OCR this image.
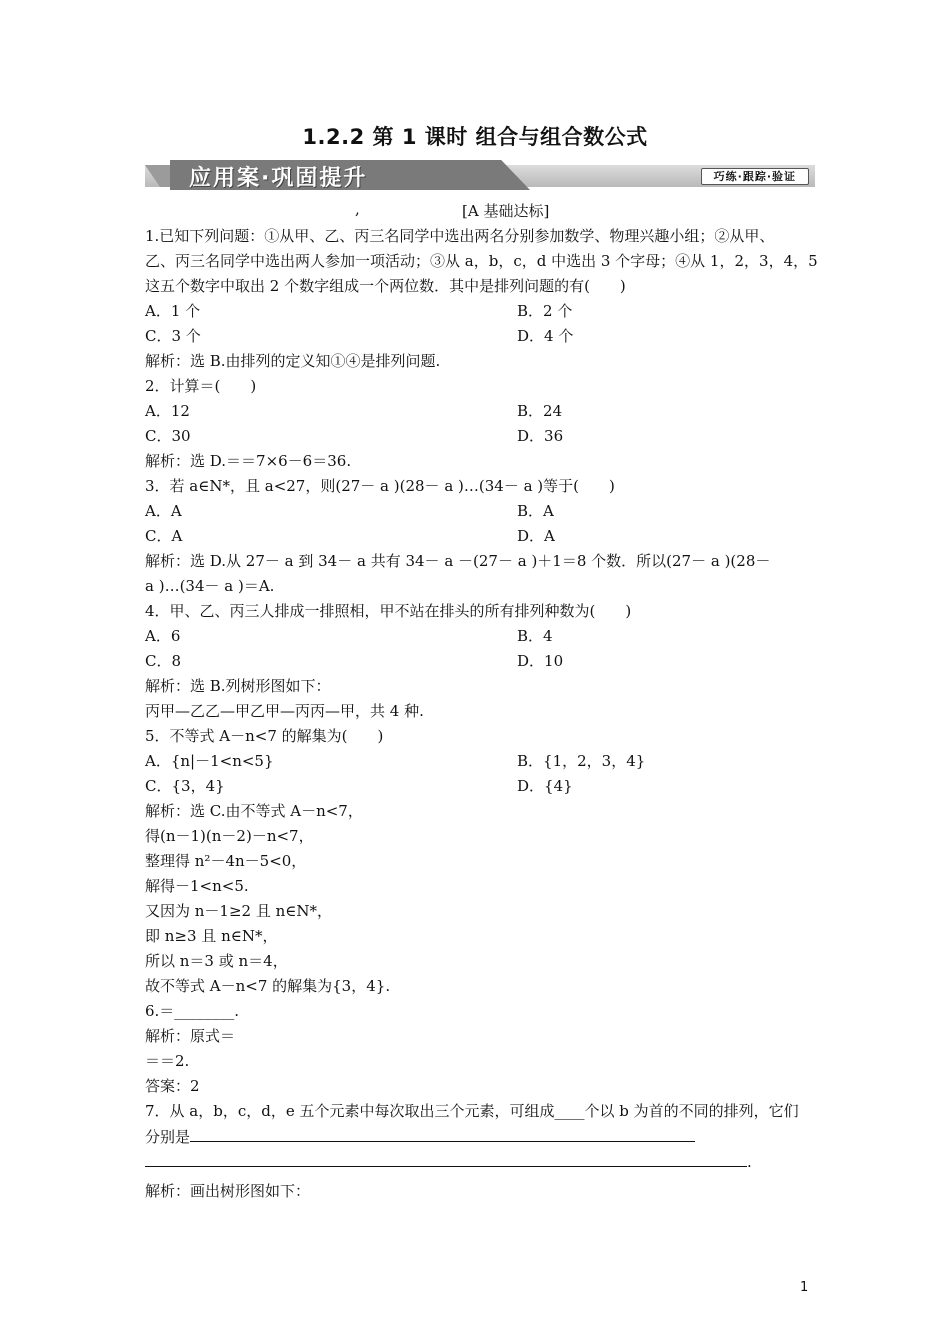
1.2.2 第 1 课时 组合与组合数公式
应用案·巩固提升	巧练·跟踪·验证
,	[A 基础达标]
1.已知下列问题：①从甲、乙、丙三名同学中选出两名分别参加数学、物理兴趣小组；②从甲、
乙、丙三名同学中选出两人参加一项活动；③从 a，b，c，d 中选出 3 个字母；④从 1，2，3，4，5
这五个数字中取出 2 个数字组成一个两位数．其中是排列问题的有(　　)
A．1 个	B．2 个
C．3 个	D．4 个
解析：选 B.由排列的定义知①④是排列问题.
2．计算＝(　　)
A．12	B．24
C．30	D．36
解析：选 D.＝＝7×6－6＝36.
3．若 a∈N*，且 a<27，则(27－ a )(28－ a )…(34－ a )等于(　　)
A．A	B．A
C．A	D．A
解析：选 D.从 27－ a 到 34－ a 共有 34－ a －(27－ a )＋1＝8 个数．所以(27－ a )(28－
a )…(34－ a )＝A.
4．甲、乙、丙三人排成一排照相，甲不站在排头的所有排列种数为(　　)
A．6	B．4
C．8	D．10
解析：选 B.列树形图如下：
丙甲—乙乙—甲乙甲—丙丙—甲，共 4 种.
5．不等式 A－n<7 的解集为(　　)
A．{n|－1<n<5}	B．{1，2，3，4}
C．{3，4}	D．{4}
解析：选 C.由不等式 A－n<7，
得(n－1)(n－2)－n<7，
整理得 n²－4n－5<0，
解得－1<n<5.
又因为 n－1≥2 且 n∈N*，
即 n≥3 且 n∈N*，
所以 n＝3 或 n＝4，
故不等式 A－n<7 的解集为{3，4}.
6.＝________.
解析：原式＝
＝＝2.
答案：2
7．从 a，b，c，d，e 五个元素中每次取出三个元素，可组成____个以 b 为首的不同的排列，它们
分别是
.
解析：画出树形图如下：
1
